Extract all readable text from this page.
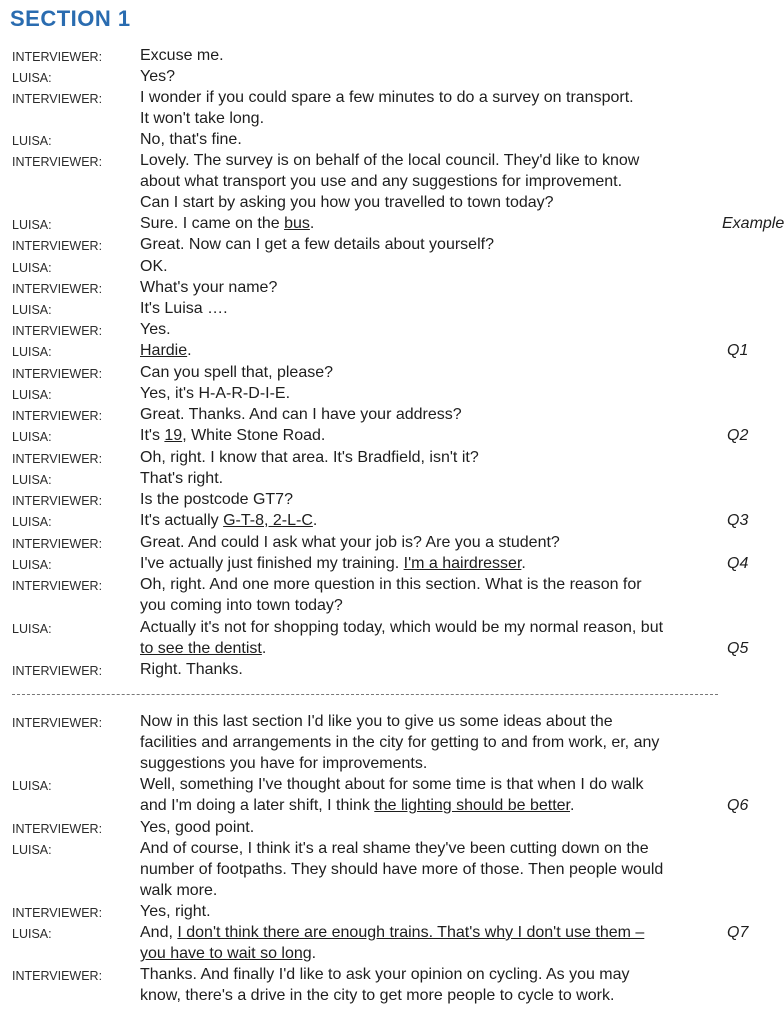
SECTION 1
INTERVIEWER: Excuse me.
LUISA:	Yes?
INTERVIEWER: I wonder if you could spare a few minutes to do a survey on transport.
It won't take long.
LUISA:	No, that's fine.
INTERVIEWER: Lovely. The survey is on behalf of the local council. They'd like to know
about what transport you use and any suggestions for improvement.
Can I start by asking you how you travelled to town today?
LUISA:	Sure. I came on the bus.	Example
INTERVIEWER: Great. Now can I get a few details about yourself?
LUISA:	OK.
INTERVIEWER: What's your name?
LUISA:	It's Luisa ….
INTERVIEWER: Yes.
LUISA:	Hardie.	Q1
INTERVIEWER: Can you spell that, please?
LUISA:	Yes, it's H-A-R-D-I-E.
INTERVIEWER: Great. Thanks. And can I have your address?
LUISA:	It's 19, White Stone Road.	Q2
INTERVIEWER: Oh, right. I know that area. It's Bradfield, isn't it?
LUISA:	That's right.
INTERVIEWER: Is the postcode GT7?
LUISA:	It's actually G-T-8, 2-L-C.	Q3
INTERVIEWER: Great. And could I ask what your job is? Are you a student?
LUISA:	I've actually just finished my training. I'm a hairdresser.	Q4
INTERVIEWER: Oh, right. And one more question in this section. What is the reason for
you coming into town today?
LUISA:	Actually it's not for shopping today, which would be my normal reason, but
to see the dentist.	Q5
INTERVIEWER: Right. Thanks.
INTERVIEWER: Now in this last section I'd like you to give us some ideas about the
facilities and arrangements in the city for getting to and from work, er, any
suggestions you have for improvements.
LUISA:	Well, something I've thought about for some time is that when I do walk
and I'm doing a later shift, I think the lighting should be better.	Q6
INTERVIEWER: Yes, good point.
LUISA:	And of course, I think it's a real shame they've been cutting down on the
number of footpaths. They should have more of those. Then people would
walk more.
INTERVIEWER: Yes, right.
LUISA:	And, I don't think there are enough trains. That's why I don't use them –	Q7
you have to wait so long.
INTERVIEWER: Thanks. And finally I'd like to ask your opinion on cycling. As you may
know, there's a drive in the city to get more people to cycle to work.
